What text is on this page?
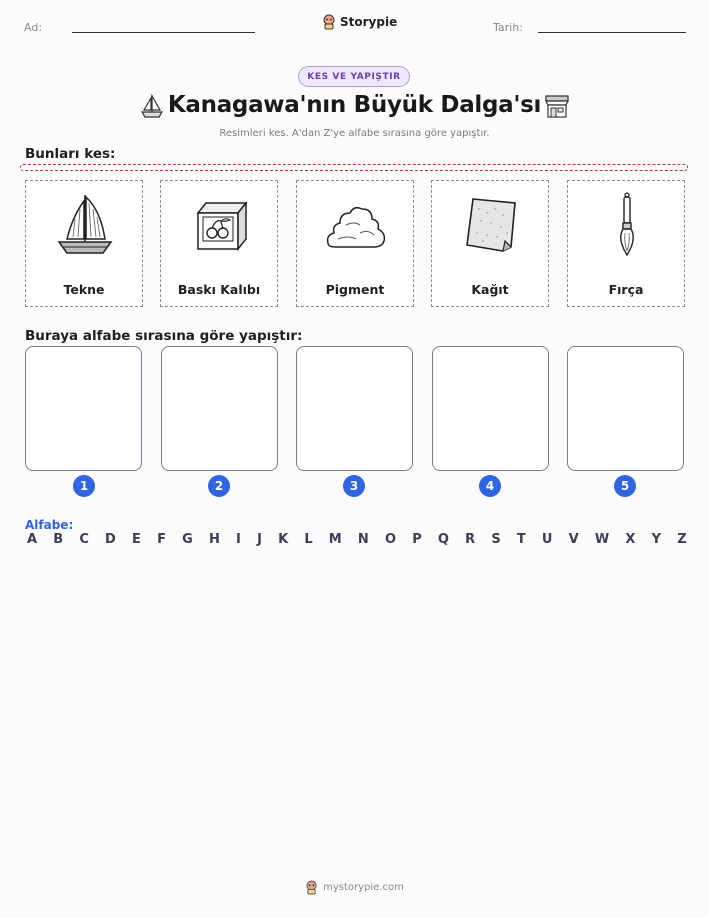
Ad:	Storypie	Tarih:
KES VE YAPIŞTIR
Kanagawa'nın Büyük Dalga'sı
Resimleri kes. A'dan Z'ye alfabe sırasına göre yapıştır.
Bunları kes:
Tekne	Baskı Kalıbı	Pigment	Kağıt	Fırça
Buraya alfabe sırasına göre yapıştır:
1	2	3	4	5
Alfabe:
A B C D E F G H I J K L M N O P Q R S T U V W X Y Z
mystorypie.com
